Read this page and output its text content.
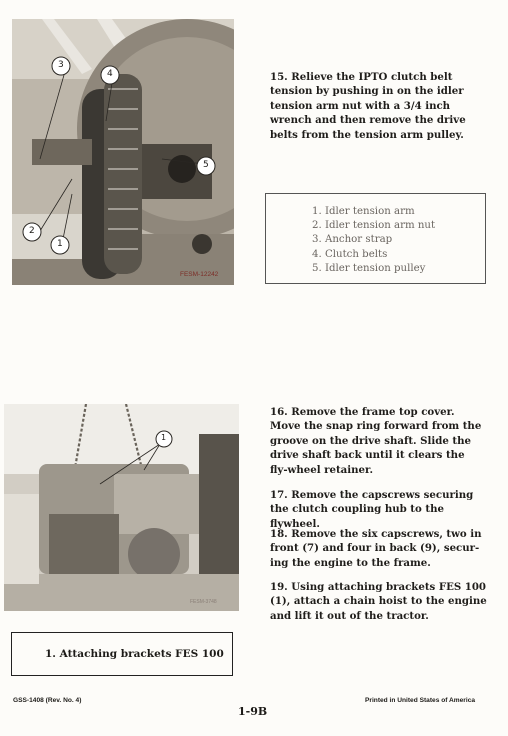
3
4
5
2
1
FESM-12242

15. Relieve the IPTO clutch belt tension by pushing in on the idler tension arm nut with a 3/4 inch wrench and then remove the drive belts from the tension arm pulley.

1. Idler tension arm
2. Idler tension arm nut
3. Anchor strap
4. Clutch belts
5. Idler tension pulley
1
FESM-3748

16. Remove the frame top cover. Move the snap ring forward from the groove on the drive shaft. Slide the drive shaft back until it clears the fly-wheel retainer.

17. Remove the capscrews securing the clutch coupling hub to the flywheel.

18. Remove the six capscrews, two in front (7) and four in back (9), secur-ing the engine to the frame.

19. Using attaching brackets FES 100 (1), attach a chain hoist to the engine and lift it out of the tractor.

1. Attaching brackets FES 100
GSS-1408 (Rev. No. 4)
1-9B
Printed in United States of America
